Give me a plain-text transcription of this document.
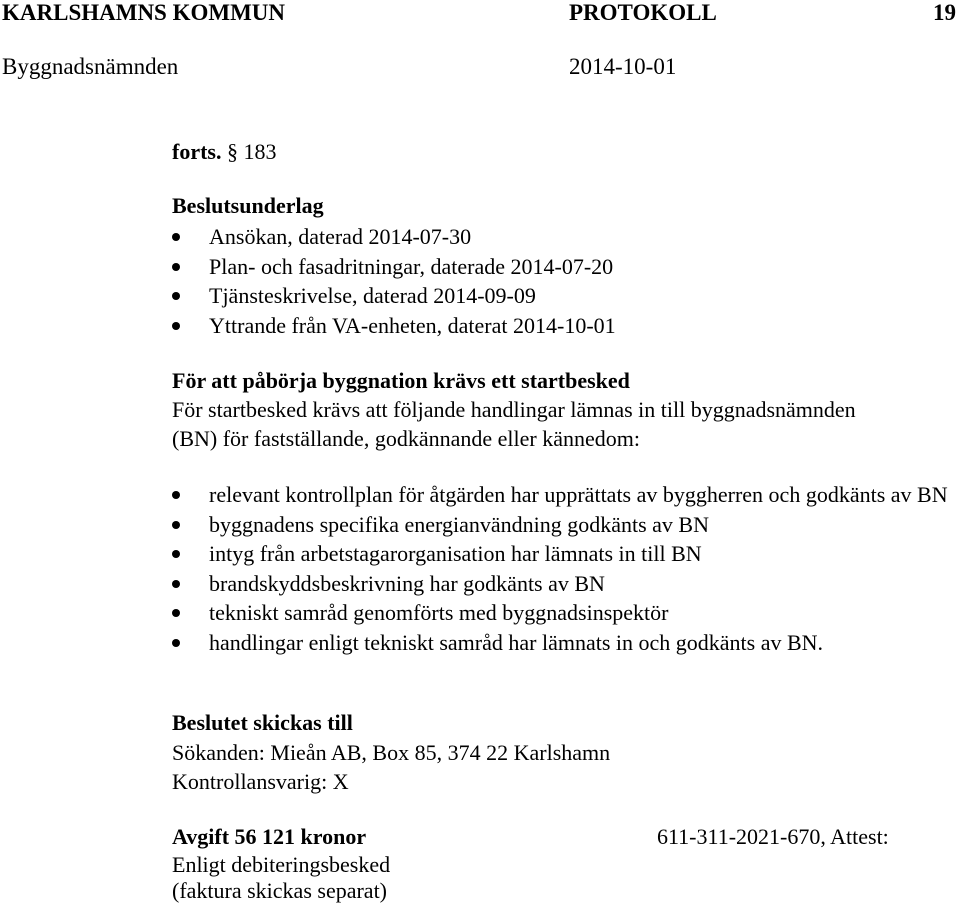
KARLSHAMNS KOMMUN	PROTOKOLL	19
Byggnadsnämnden	2014-10-01
forts. § 183
Beslutsunderlag
Ansökan, daterad 2014-07-30
Plan- och fasadritningar, daterade 2014-07-20
Tjänsteskrivelse, daterad 2014-09-09
Yttrande från VA-enheten, daterat 2014-10-01
För att påbörja byggnation krävs ett startbesked
För startbesked krävs att följande handlingar lämnas in till byggnadsnämnden
(BN) för fastställande, godkännande eller kännedom:
relevant kontrollplan för åtgärden har upprättats av byggherren och godkänts av BN
byggnadens specifika energianvändning godkänts av BN
intyg från arbetstagarorganisation har lämnats in till BN
brandskyddsbeskrivning har godkänts av BN
tekniskt samråd genomförts med byggnadsinspektör
handlingar enligt tekniskt samråd har lämnats in och godkänts av BN.
Beslutet skickas till
Sökanden: Mieån AB, Box 85, 374 22 Karlshamn
Kontrollansvarig: X
Avgift 56 121 kronor	611-311-2021-670, Attest:
Enligt debiteringsbesked
(faktura skickas separat)
